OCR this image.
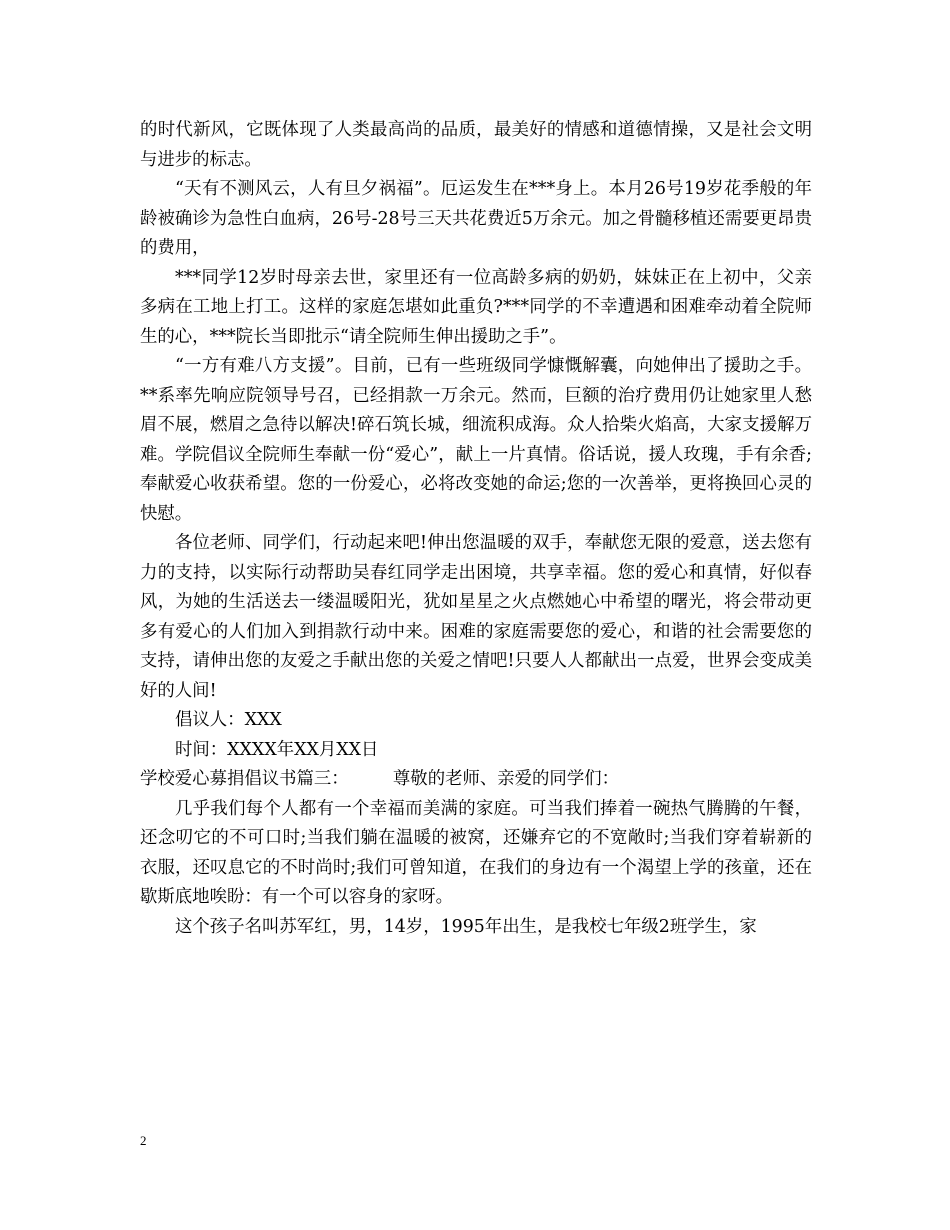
的时代新风，它既体现了人类最高尚的品质，最美好的情感和道德情操，又是社会文明与进步的标志。

“天有不测风云，人有旦夕祸福”。厄运发生在***身上。本月26号19岁花季般的年龄被确诊为急性白血病，26号-28号三天共花费近5万余元。加之骨髓移植还需要更昂贵的费用，

***同学12岁时母亲去世，家里还有一位高龄多病的奶奶，妹妹正在上初中，父亲多病在工地上打工。这样的家庭怎堪如此重负?***同学的不幸遭遇和困难牵动着全院师生的心，***院长当即批示“请全院师生伸出援助之手”。

“一方有难八方支援”。目前，已有一些班级同学慷慨解囊，向她伸出了援助之手。**系率先响应院领导号召，已经捐款一万余元。然而，巨额的治疗费用仍让她家里人愁眉不展，燃眉之急待以解决!碎石筑长城，细流积成海。众人拾柴火焰高，大家支援解万难。学院倡议全院师生奉献一份“爱心”，献上一片真情。俗话说，援人玫瑰，手有余香;奉献爱心收获希望。您的一份爱心，必将改变她的命运;您的一次善举，更将换回心灵的快慰。

各位老师、同学们，行动起来吧!伸出您温暖的双手，奉献您无限的爱意，送去您有力的支持，以实际行动帮助吴春红同学走出困境，共享幸福。您的爱心和真情，好似春风，为她的生活送去一缕温暖阳光，犹如星星之火点燃她心中希望的曙光，将会带动更多有爱心的人们加入到捐款行动中来。困难的家庭需要您的爱心，和谐的社会需要您的支持，请伸出您的友爱之手献出您的关爱之情吧!只要人人都献出一点爱，世界会变成美好的人间!

倡议人：XXX

时间：XXXX年XX月XX日

学校爱心募捐倡议书篇三：        尊敬的老师、亲爱的同学们：

几乎我们每个人都有一个幸福而美满的家庭。可当我们捧着一碗热气腾腾的午餐，还念叨它的不可口时;当我们躺在温暖的被窝，还嫌弃它的不宽敞时;当我们穿着崭新的衣服，还叹息它的不时尚时;我们可曾知道，在我们的身边有一个渴望上学的孩童，还在歇斯底地唉盼：有一个可以容身的家呀。

这个孩子名叫苏军红，男，14岁，1995年出生，是我校七年级2班学生，家

2
